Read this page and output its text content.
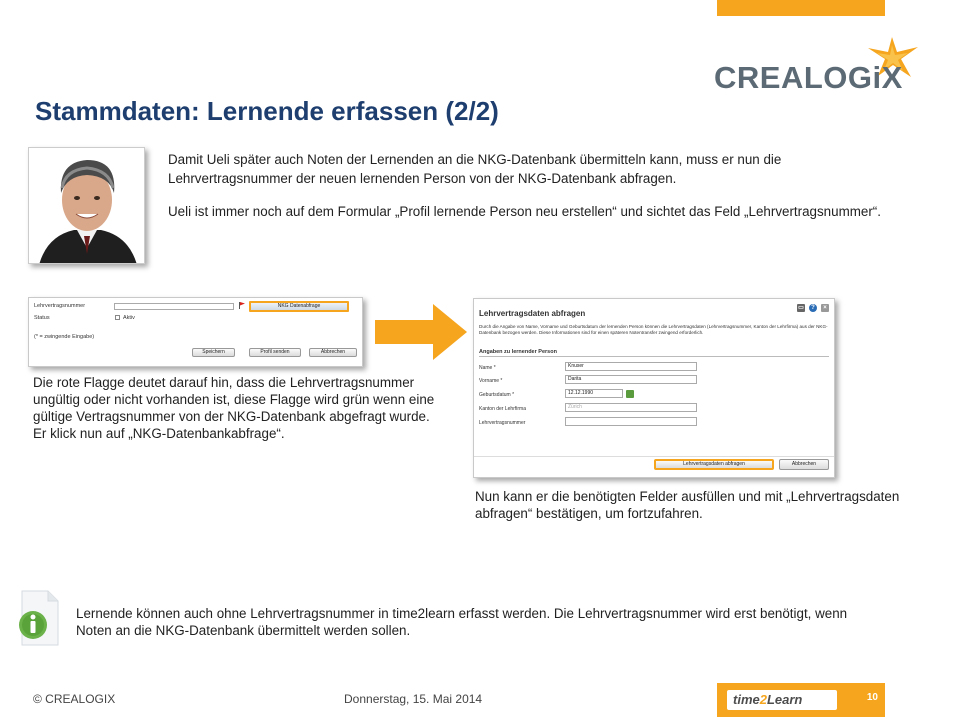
CREALOGiX
Stammdaten: Lernende erfassen (2/2)

Damit Ueli später auch Noten der Lernenden an die NKG-Datenbank übermitteln kann, muss er nun die Lehrvertragsnummer der neuen lernenden Person von der NKG-Datenbank abfragen.

Ueli ist immer noch auf dem Formular „Profil lernende Person neu erstellen“ und sichtet das Feld „Lehrvertragsnummer“.

Lehrvertragsnummer	NKG Datenabfrage
Status	Aktiv
(* = zwingende Eingabe)
Speichern	Profil senden	Abbrechen
Lehrvertragsdaten abfragen
▭	?	×
Durch die Angabe von Name, Vorname und Geburtsdatum der lernenden Person können die Lehrvertragsdaten (Lehrvertragsnummer, Kanton der Lehrfirma) aus der NKG-Datenbank bezogen werden. Diese Informationen sind für einen späteren Notentransfer zwingend erforderlich.
Angaben zu lernender Person
Name *	Knuser
Vorname *	Darita
Geburtsdatum *	12.12.1990
Kanton der Lehrfirma	Zürich
Lehrvertragsnummer
Lehrvertragsdaten abfragen	Abbrechen

Die rote Flagge deutet darauf hin, dass die Lehrvertragsnummer ungültig oder nicht vorhanden ist, diese Flagge wird grün wenn eine gültige Vertragsnummer von der NKG-Datenbank abgefragt wurde. Er klick nun auf „NKG-Datenbankabfrage“.

Nun kann er die benötigten Felder ausfüllen und mit „Lehrvertragsdaten abfragen“ bestätigen, um fortzufahren.

Lernende können auch ohne Lehrvertragsnummer in time2learn erfasst werden. Die Lehrvertragsnummer wird erst benötigt, wenn Noten an die NKG-Datenbank übermittelt werden sollen.

© CREALOGIX	Donnerstag, 15. Mai 2014	time2Learn	10
